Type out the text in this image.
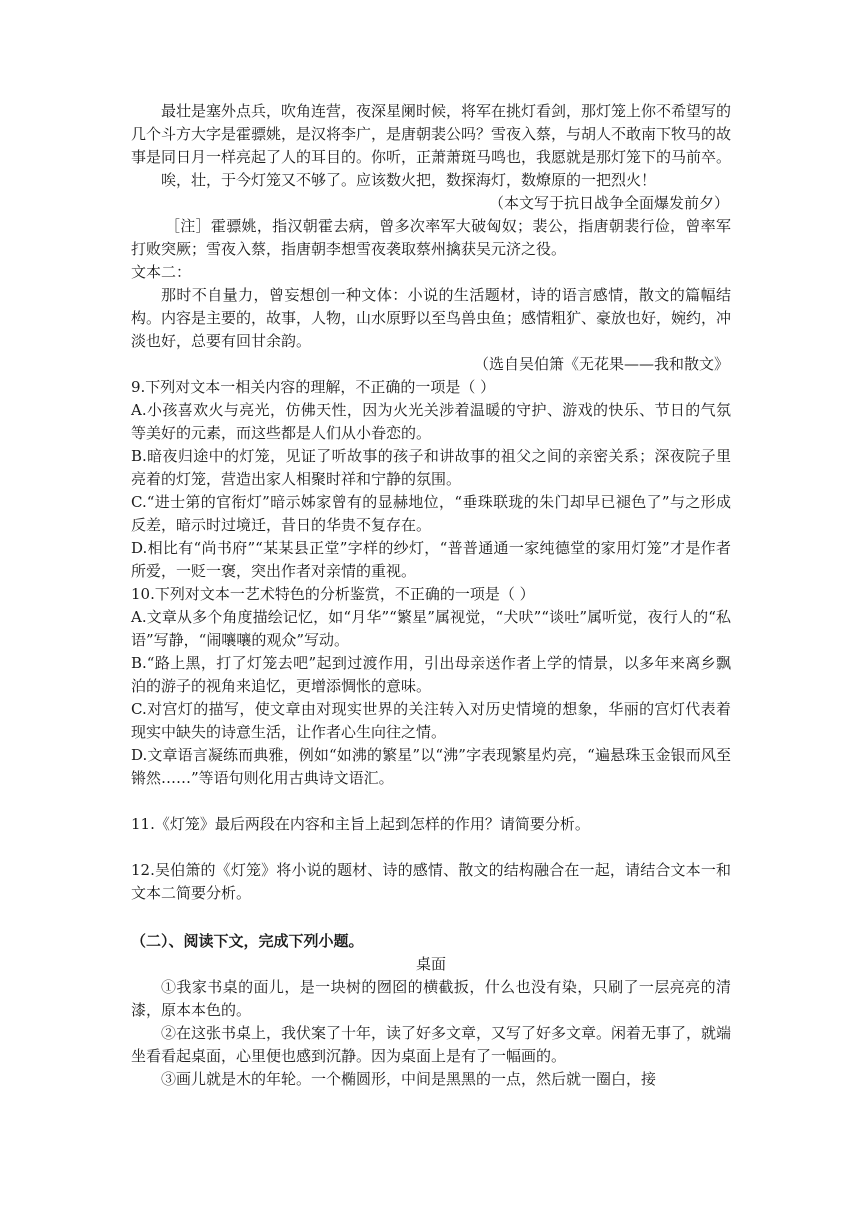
最壮是塞外点兵，吹角连营，夜深星阑时候，将军在挑灯看剑，那灯笼上你不希望写的几个斗方大字是霍骠姚，是汉将李广，是唐朝裴公吗？雪夜入蔡，与胡人不敢南下牧马的故事是同日月一样亮起了人的耳目的。你听，正萧萧斑马鸣也，我愿就是那灯笼下的马前卒。

唉，壮，于今灯笼又不够了。应该数火把，数探海灯，数燎原的一把烈火！

（本文写于抗日战争全面爆发前夕）

［注］霍骠姚，指汉朝霍去病，曾多次率军大破匈奴；裴公，指唐朝裴行俭，曾率军打败突厥；雪夜入蔡，指唐朝李想雪夜袭取蔡州擒获吴元济之役。

文本二：

那时不自量力，曾妄想创一种文体：小说的生活题材，诗的语言感情，散文的篇幅结构。内容是主要的，故事，人物，山水原野以至鸟兽虫鱼；感情粗犷、豪放也好，婉约，冲淡也好，总要有回甘余韵。

（选自吴伯箫《无花果——我和散文》

9.下列对文本一相关内容的理解，不正确的一项是（ ）

A.小孩喜欢火与亮光，仿佛天性，因为火光关涉着温暖的守护、游戏的快乐、节日的气氛等美好的元素，而这些都是人们从小眷恋的。

B.暗夜归途中的灯笼，见证了听故事的孩子和讲故事的祖父之间的亲密关系；深夜院子里亮着的灯笼，营造出家人相聚时祥和宁静的氛围。

C.“进士第的官衔灯”暗示姊家曾有的显赫地位，“垂珠联珑的朱门却早已褪色了”与之形成反差，暗示时过境迁，昔日的华贵不复存在。

D.相比有“尚书府”“某某县正堂”字样的纱灯，“普普通通一家纯德堂的家用灯笼”才是作者所爱，一贬一褒，突出作者对亲情的重视。

10.下列对文本一艺术特色的分析鉴赏，不正确的一项是（ ）

A.文章从多个角度描绘记忆，如“月华”“繁星”属视觉，“犬吠”“谈吐”属听觉，夜行人的“私语”写静，“闹嚷嚷的观众”写动。

B.“路上黑，打了灯笼去吧”起到过渡作用，引出母亲送作者上学的情景，以多年来离乡飘泊的游子的视角来追忆，更增添惆怅的意味。

C.对宫灯的描写，使文章由对现实世界的关注转入对历史情境的想象，华丽的宫灯代表着现实中缺失的诗意生活，让作者心生向往之情。

D.文章语言凝练而典雅，例如“如沸的繁星”以“沸”字表现繁星灼亮，“遍悬珠玉金银而风至锵然……”等语句则化用古典诗文语汇。

11.《灯笼》最后两段在内容和主旨上起到怎样的作用？请简要分析。

12.吴伯箫的《灯笼》将小说的题材、诗的感情、散文的结构融合在一起，请结合文本一和文本二简要分析。

（二）、阅读下文，完成下列小题。

桌面

①我家书桌的面儿，是一块树的囫囵的横截扳，什么也没有染，只刷了一层亮亮的清漆，原本本色的。

②在这张书桌上，我伏案了十年，读了好多文章，又写了好多文章。闲着无事了，就端坐看看起桌面，心里便也感到沉静。因为桌面上是有了一幅画的。

③画儿就是木的年轮。一个椭圆形，中间是黑黑的一点，然后就一圈白，接
